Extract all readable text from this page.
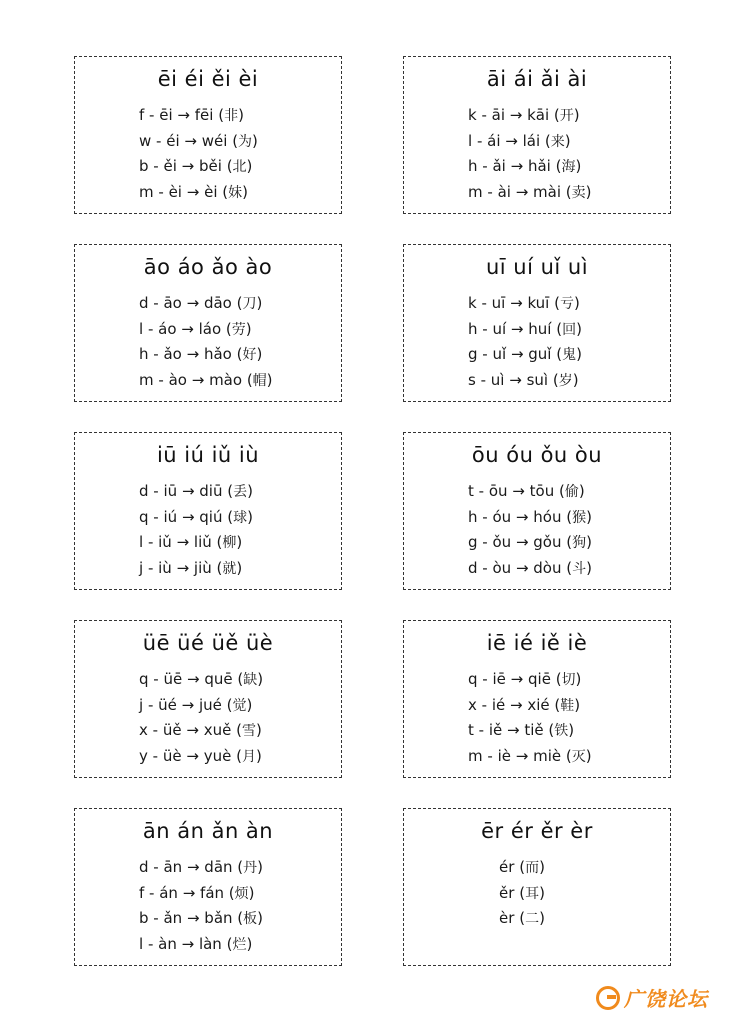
ēi éi ěi èi
f - ēi → fēi (非)
w - éi → wéi (为)
b - ěi → běi (北)
m - èi → èi (妹)
āi ái ǎi ài
k - āi → kāi (开)
l - ái → lái (来)
h - ǎi → hǎi (海)
m - ài → mài (卖)
āo áo ǎo ào
d - āo → dāo (刀)
l - áo → láo (劳)
h - ǎo → hǎo (好)
m - ào → mào (帽)
uī uí uǐ uì
k - uī → kuī (亏)
h - uí → huí (回)
g - uǐ → guǐ (鬼)
s - uì → suì (岁)
iū iú iǔ iù
d - iū → diū (丢)
q - iú → qiú (球)
l - iǔ → liǔ (柳)
j - iù → jiù (就)
ōu óu ǒu òu
t - ōu → tōu (偷)
h - óu → hóu (猴)
g - ǒu → gǒu (狗)
d - òu → dòu (斗)
üē üé üě üè
q - üē → quē (缺)
j - üé → jué (觉)
x - üě → xuě (雪)
y - üè → yuè (月)
iē ié iě iè
q - iē → qiē (切)
x - ié → xié (鞋)
t - iě → tiě (铁)
m - iè → miè (灭)
ān án ǎn àn
d - ān → dān (丹)
f - án → fán (烦)
b - ǎn → bǎn (板)
l - àn → làn (烂)
ēr ér ěr èr
ér (而)
ěr (耳)
èr (二)
广饶论坛
